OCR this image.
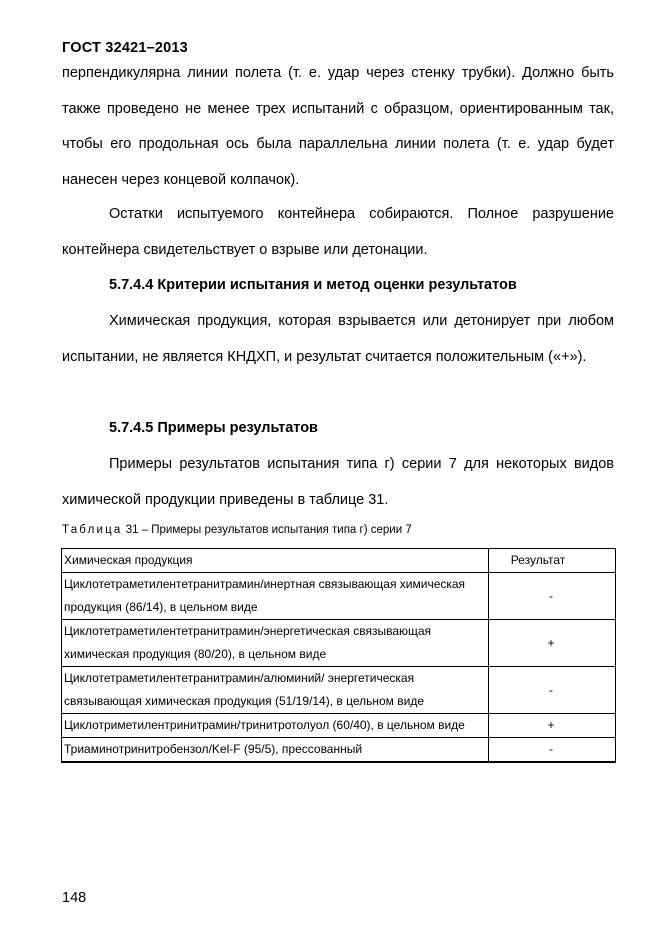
ГОСТ 32421–2013

перпендикулярна линии полета (т. е. удар через стенку трубки). Должно быть также проведено не менее трех испытаний с образцом, ориентированным так, чтобы его продольная ось была параллельна линии полета (т. е. удар будет нанесен через концевой колпачок).

Остатки испытуемого контейнера собираются. Полное разрушение контейнера свидетельствует о взрыве или детонации.

5.7.4.4 Критерии испытания и метод оценки результатов

Химическая продукция, которая взрывается или детонирует при любом испытании, не является КНДХП, и результат считается положительным («+»).

5.7.4.5 Примеры результатов

Примеры результатов испытания типа г) серии 7 для некоторых видов химической продукции приведены в таблице 31.

Таблица 31 – Примеры результатов испытания типа г) серии 7
Химическая продукция	Результат
Циклотетраметилентетранитрамин/инертная связывающая химическая продукция (86/14), в цельном виде	-
Циклотетраметилентетранитрамин/энергетическая связывающая химическая продукция (80/20), в цельном виде	+
Циклотетраметилентетранитрамин/алюминий/ энергетическая связывающая химическая продукция (51/19/14), в цельном виде	-
Циклотриметилентринитрамин/тринитротолуол (60/40), в цельном виде	+
Триаминотринитробензол/Kel-F (95/5), прессованный	-
148
